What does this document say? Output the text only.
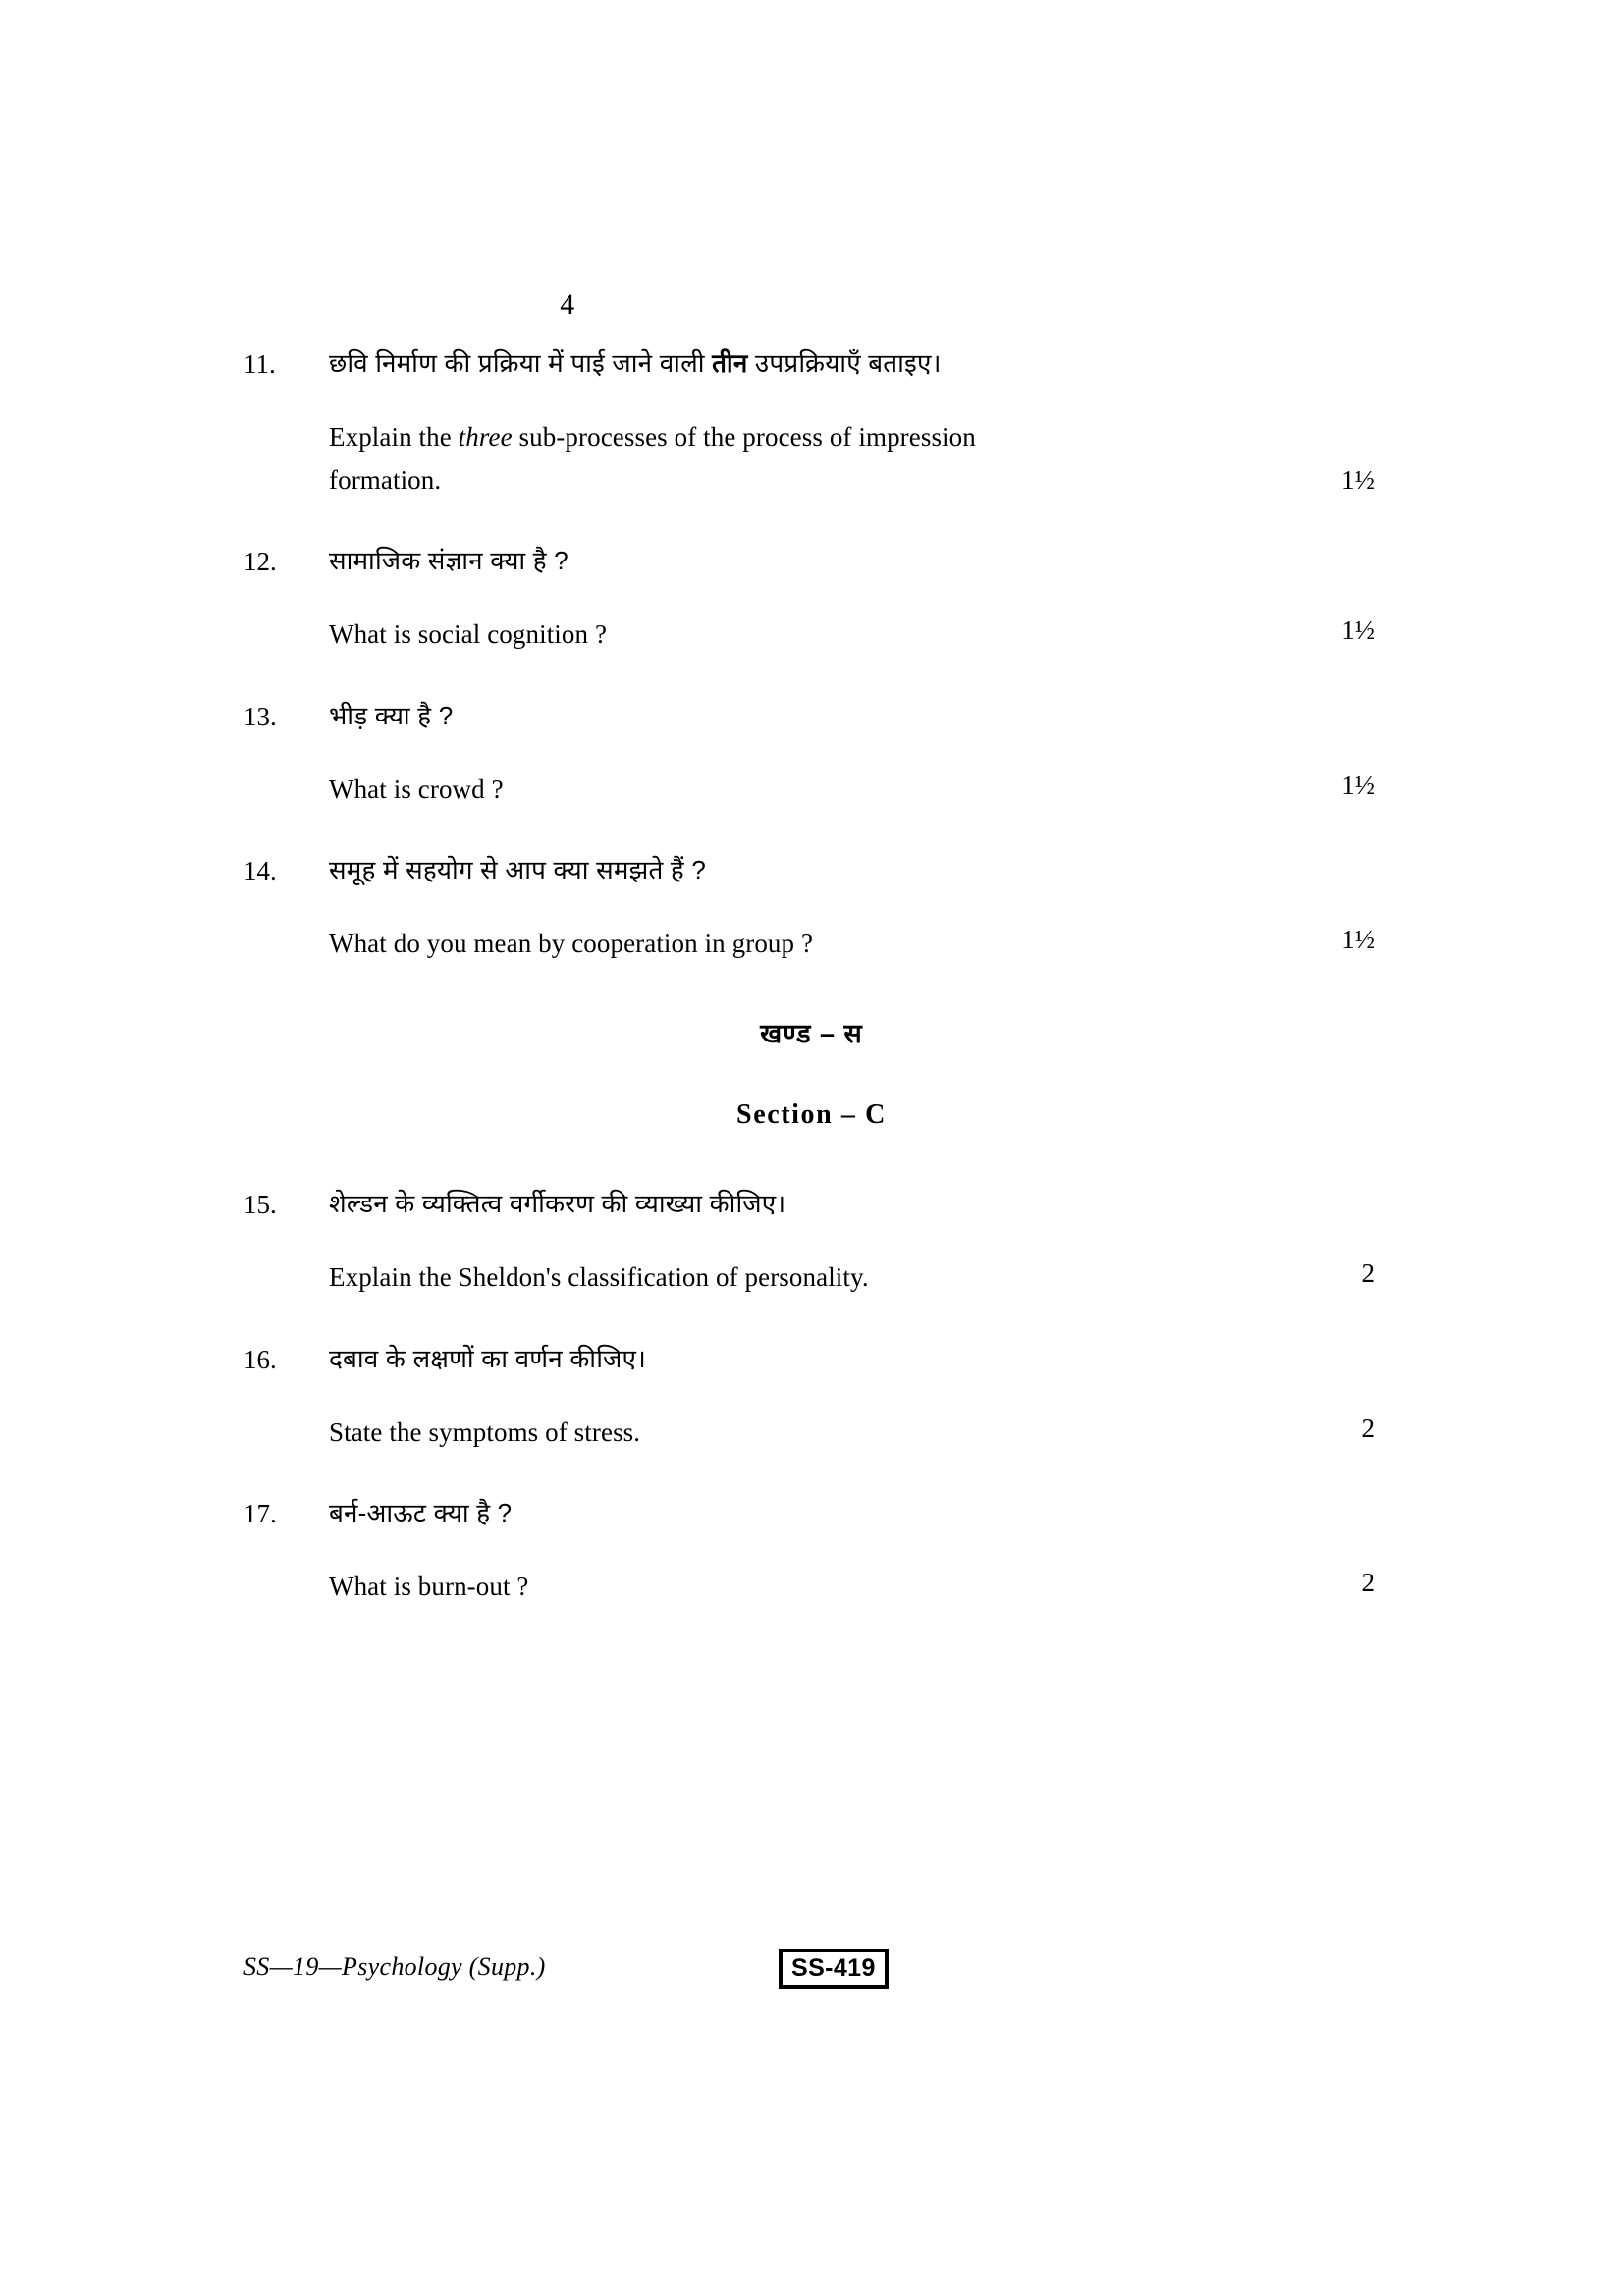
4
11.	छवि निर्माण की प्रक्रिया में पाई जाने वाली तीन उपप्रक्रियाएँ बताइए।
Explain the three sub-processes of the process of impression
formation.	1½
12.	सामाजिक संज्ञान क्या है ?
What is social cognition ?	1½
13.	भीड़ क्या है ?
What is crowd ?	1½
14.	समूह में सहयोग से आप क्या समझते हैं ?
What do you mean by cooperation in group ?	1½
खण्ड – स
Section – C
15.	शेल्डन के व्यक्तित्व वर्गीकरण की व्याख्या कीजिए।
Explain the Sheldon's classification of personality.	2
16.	दबाव के लक्षणों का वर्णन कीजिए।
State the symptoms of stress.	2
17.	बर्न-आऊट क्या है ?
What is burn-out ?	2
SS—19—Psychology (Supp.)	SS-419
